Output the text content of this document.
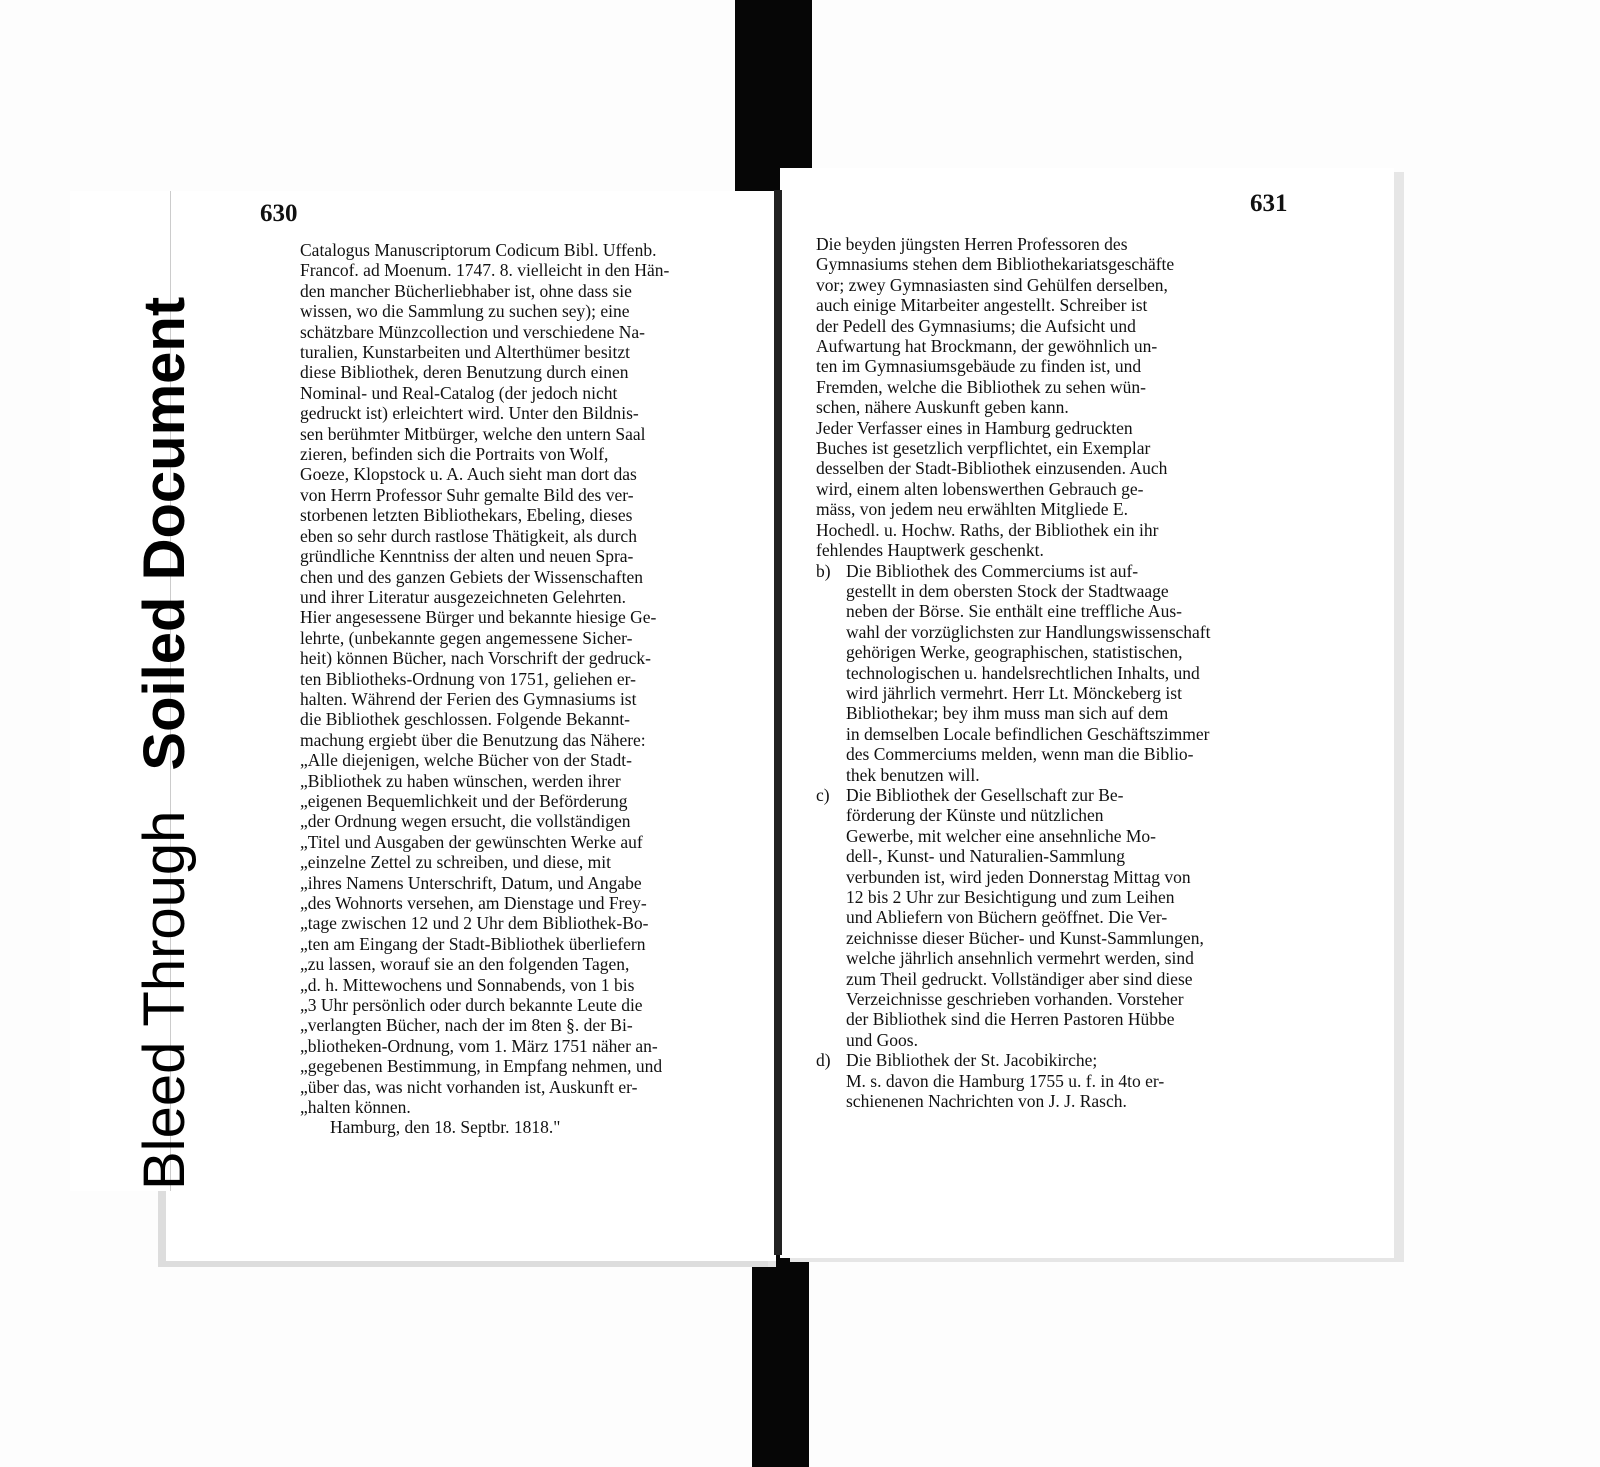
Bleed ThroughSoiled Document
630	631
Catalogus Manuscriptorum Codicum Bibl. Uffenb.
Francof. ad Moenum. 1747. 8. vielleicht in den Hän-
den mancher Bücherliebhaber ist, ohne dass sie
wissen, wo die Sammlung zu suchen sey); eine
schätzbare Münzcollection und verschiedene Na-
turalien, Kunstarbeiten und Alterthümer besitzt
diese Bibliothek, deren Benutzung durch einen
Nominal- und Real-Catalog (der jedoch nicht
gedruckt ist) erleichtert wird. Unter den Bildnis-
sen berühmter Mitbürger, welche den untern Saal
zieren, befinden sich die Portraits von Wolf,
Goeze, Klopstock u. A. Auch sieht man dort das
von Herrn Professor Suhr gemalte Bild des ver-
storbenen letzten Bibliothekars, Ebeling, dieses
eben so sehr durch rastlose Thätigkeit, als durch
gründliche Kenntniss der alten und neuen Spra-
chen und des ganzen Gebiets der Wissenschaften
und ihrer Literatur ausgezeichneten Gelehrten.
Hier angesessene Bürger und bekannte hiesige Ge-
lehrte, (unbekannte gegen angemessene Sicher-
heit) können Bücher, nach Vorschrift der gedruck-
ten Bibliotheks-Ordnung von 1751, geliehen er-
halten. Während der Ferien des Gymnasiums ist
die Bibliothek geschlossen. Folgende Bekannt-
machung ergiebt über die Benutzung das Nähere:
„Alle diejenigen, welche Bücher von der Stadt-
„Bibliothek zu haben wünschen, werden ihrer
„eigenen Bequemlichkeit und der Beförderung
„der Ordnung wegen ersucht, die vollständigen
„Titel und Ausgaben der gewünschten Werke auf
„einzelne Zettel zu schreiben, und diese, mit
„ihres Namens Unterschrift, Datum, und Angabe
„des Wohnorts versehen, am Dienstage und Frey-
„tage zwischen 12 und 2 Uhr dem Bibliothek-Bo-
„ten am Eingang der Stadt-Bibliothek überliefern
„zu lassen, worauf sie an den folgenden Tagen,
„d. h. Mittewochens und Sonnabends, von 1 bis
„3 Uhr persönlich oder durch bekannte Leute die
„verlangten Bücher, nach der im 8ten §. der Bi-
„bliotheken-Ordnung, vom 1. März 1751 näher an-
„gegebenen Bestimmung, in Empfang nehmen, und
„über das, was nicht vorhanden ist, Auskunft er-
„halten können.
Hamburg, den 18. Septbr. 1818."
Die beyden jüngsten Herren Professoren des
Gymnasiums stehen dem Bibliothekariatsgeschäfte
vor; zwey Gymnasiasten sind Gehülfen derselben,
auch einige Mitarbeiter angestellt. Schreiber ist
der Pedell des Gymnasiums; die Aufsicht und
Aufwartung hat Brockmann, der gewöhnlich un-
ten im Gymnasiumsgebäude zu finden ist, und
Fremden, welche die Bibliothek zu sehen wün-
schen, nähere Auskunft geben kann.
Jeder Verfasser eines in Hamburg gedruckten
Buches ist gesetzlich verpflichtet, ein Exemplar
desselben der Stadt-Bibliothek einzusenden. Auch
wird, einem alten lobenswerthen Gebrauch ge-
mäss, von jedem neu erwählten Mitgliede E.
Hochedl. u. Hochw. Raths, der Bibliothek ein ihr
fehlendes Hauptwerk geschenkt.
b) Die Bibliothek des Commerciums ist auf-
gestellt in dem obersten Stock der Stadtwaage
neben der Börse. Sie enthält eine treffliche Aus-
wahl der vorzüglichsten zur Handlungswissenschaft
gehörigen Werke, geographischen, statistischen,
technologischen u. handelsrechtlichen Inhalts, und
wird jährlich vermehrt. Herr Lt. Mönckeberg ist
Bibliothekar; bey ihm muss man sich auf dem
in demselben Locale befindlichen Geschäftszimmer
des Commerciums melden, wenn man die Biblio-
thek benutzen will.
c) Die Bibliothek der Gesellschaft zur Be-
förderung der Künste und nützlichen
Gewerbe, mit welcher eine ansehnliche Mo-
dell-, Kunst- und Naturalien-Sammlung
verbunden ist, wird jeden Donnerstag Mittag von
12 bis 2 Uhr zur Besichtigung und zum Leihen
und Abliefern von Büchern geöffnet. Die Ver-
zeichnisse dieser Bücher- und Kunst-Sammlungen,
welche jährlich ansehnlich vermehrt werden, sind
zum Theil gedruckt. Vollständiger aber sind diese
Verzeichnisse geschrieben vorhanden. Vorsteher
der Bibliothek sind die Herren Pastoren Hübbe
und Goos.
d) Die Bibliothek der St. Jacobikirche;
M. s. davon die Hamburg 1755 u. f. in 4to er-
schienenen Nachrichten von J. J. Rasch.
